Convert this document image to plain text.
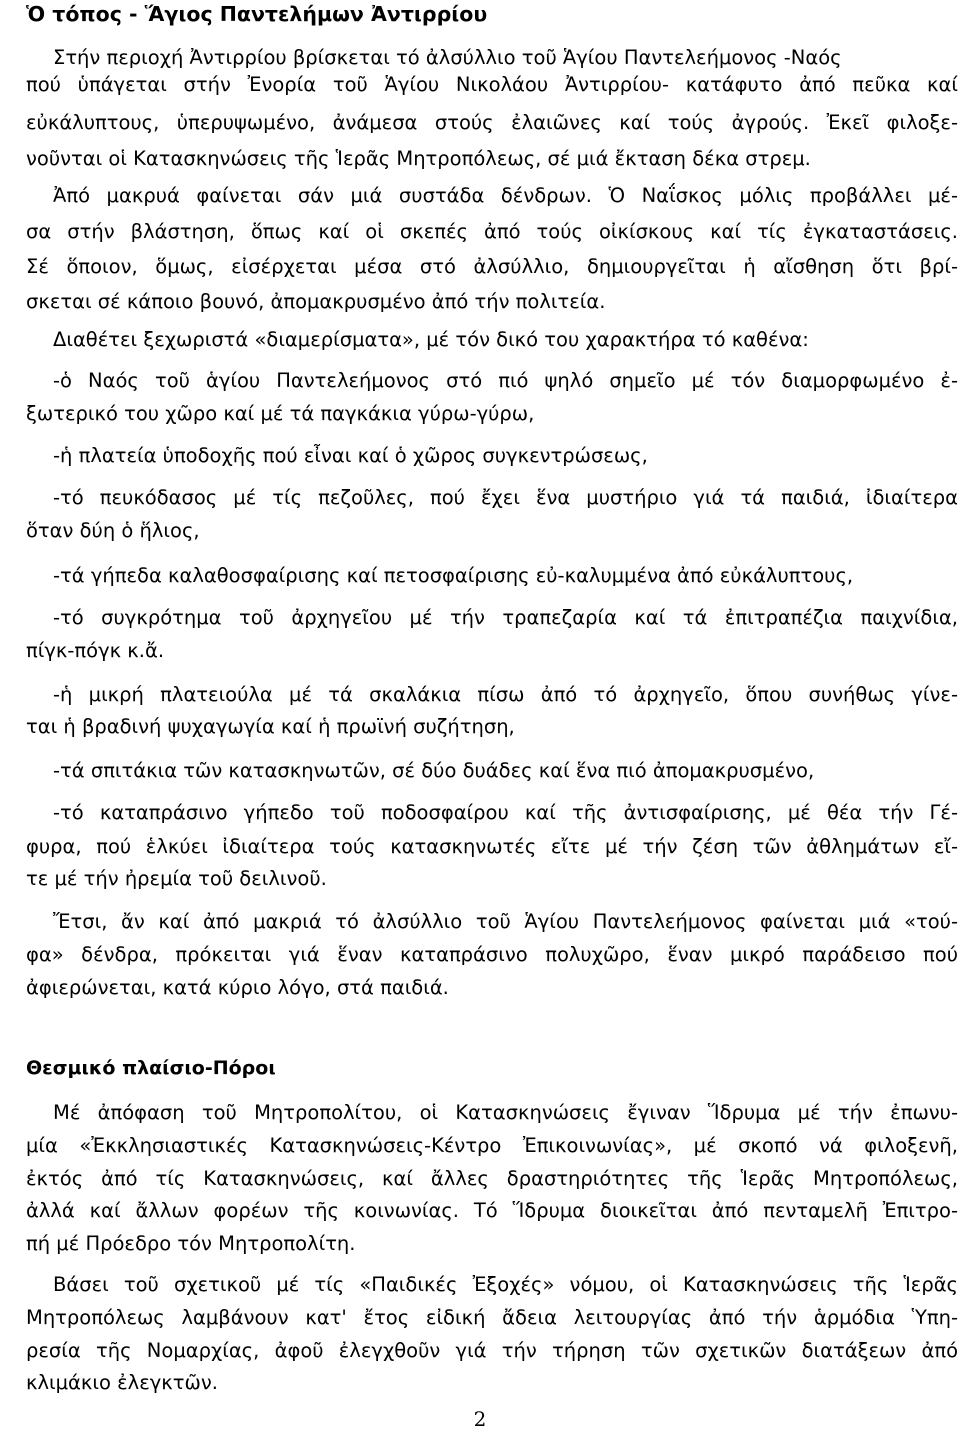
Ὁ τόπος - Ἅγιος Παντελήμων Ἀντιρρίου

Στήν περιοχή Ἀντιρρίου βρίσκεται τό ἀλσύλλιο τοῦ Ἁγίου Παντελεήμονος -Ναός

πού ὑπάγεται στήν Ἐνορία τοῦ Ἁγίου Νικολάου Ἀντιρρίου- κατάφυτο ἀπό πεῦκα καί

εὐκάλυπτους, ὑπερυψωμένο, ἀνάμεσα στούς ἐλαιῶνες καί τούς ἀγρούς. Ἐκεῖ φιλοξε-

νοῦνται οἱ Κατασκηνώσεις τῆς Ἱερᾶς Μητροπόλεως, σέ μιά ἔκταση δέκα στρεμ.

Ἀπό μακρυά φαίνεται σάν μιά συστάδα δένδρων. Ὁ Ναΐσκος μόλις προβάλλει μέ-

σα στήν βλάστηση, ὅπως καί οἱ σκεπές ἀπό τούς οἰκίσκους καί τίς ἐγκαταστάσεις.

Σέ ὅποιον, ὅμως, εἰσέρχεται μέσα στό ἀλσύλλιο, δημιουργεῖται ἡ αἴσθηση ὅτι βρί-

σκεται σέ κάποιο βουνό, ἀπομακρυσμένο ἀπό τήν πολιτεία.

Διαθέτει ξεχωριστά «διαμερίσματα», μέ τόν δικό του χαρακτήρα τό καθένα:

-ὁ Ναός τοῦ ἁγίου Παντελεήμονος στό πιό ψηλό σημεῖο μέ τόν διαμορφωμένο ἐ-

ξωτερικό του χῶρο καί μέ τά παγκάκια γύρω-γύρω,

-ἡ πλατεία ὑποδοχῆς πού εἶναι καί ὁ χῶρος συγκεντρώσεως,

-τό πευκόδασος μέ τίς πεζοῦλες, πού ἔχει ἕνα μυστήριο γιά τά παιδιά, ἰδιαίτερα

ὅταν δύη ὁ ἥλιος,

-τά γήπεδα καλαθοσφαίρισης καί πετοσφαίρισης εὐ-καλυμμένα ἀπό εὐκάλυπτους,

-τό συγκρότημα τοῦ ἀρχηγεῖου μέ τήν τραπεζαρία καί τά ἐπιτραπέζια παιχνίδια,

πίγκ-πόγκ κ.ἄ.

-ἡ μικρή πλατειούλα μέ τά σκαλάκια πίσω ἀπό τό ἀρχηγεῖο, ὅπου συνήθως γίνε-

ται ἡ βραδινή ψυχαγωγία καί ἡ πρωϊνή συζήτηση,

-τά σπιτάκια τῶν κατασκηνωτῶν, σέ δύο δυάδες καί ἕνα πιό ἀπομακρυσμένο,

-τό καταπράσινο γήπεδο τοῦ ποδοσφαίρου καί τῆς ἀντισφαίρισης, μέ θέα τήν Γέ-

φυρα, πού ἑλκύει ἰδιαίτερα τούς κατασκηνωτές εἴτε μέ τήν ζέση τῶν ἀθλημάτων εἴ-

τε μέ τήν ἠρεμία τοῦ δειλινοῦ.

Ἔτσι, ἄν καί ἀπό μακριά τό ἀλσύλλιο τοῦ Ἁγίου Παντελεήμονος φαίνεται μιά «τού-

φα» δένδρα, πρόκειται γιά ἕναν καταπράσινο πολυχῶρο, ἕναν μικρό παράδεισο πού

ἀφιερώνεται, κατά κύριο λόγο, στά παιδιά.

Θεσμικό πλαίσιο-Πόροι

Μέ ἀπόφαση τοῦ Μητροπολίτου, οἱ Κατασκηνώσεις ἔγιναν Ἵδρυμα μέ τήν ἐπωνυ-

μία «Ἐκκλησιαστικές Κατασκηνώσεις-Κέντρο Ἐπικοινωνίας», μέ σκοπό νά φιλοξενῆ,

ἐκτός ἀπό τίς Κατασκηνώσεις, καί ἄλλες δραστηριότητες τῆς Ἱερᾶς Μητροπόλεως,

ἀλλά καί ἄλλων φορέων τῆς κοινωνίας. Τό Ἵδρυμα διοικεῖται ἀπό πενταμελῆ Ἐπιτρο-

πή μέ Πρόεδρο τόν Μητροπολίτη.

Βάσει τοῦ σχετικοῦ μέ τίς «Παιδικές Ἐξοχές» νόμου, οἱ Κατασκηνώσεις τῆς Ἱερᾶς

Μητροπόλεως λαμβάνουν κατ' ἔτος εἰδική ἄδεια λειτουργίας ἀπό τήν ἁρμόδια Ὑπη-

ρεσία τῆς Νομαρχίας, ἀφοῦ ἐλεγχθοῦν γιά τήν τήρηση τῶν σχετικῶν διατάξεων ἀπό

κλιμάκιο ἐλεγκτῶν.

2
